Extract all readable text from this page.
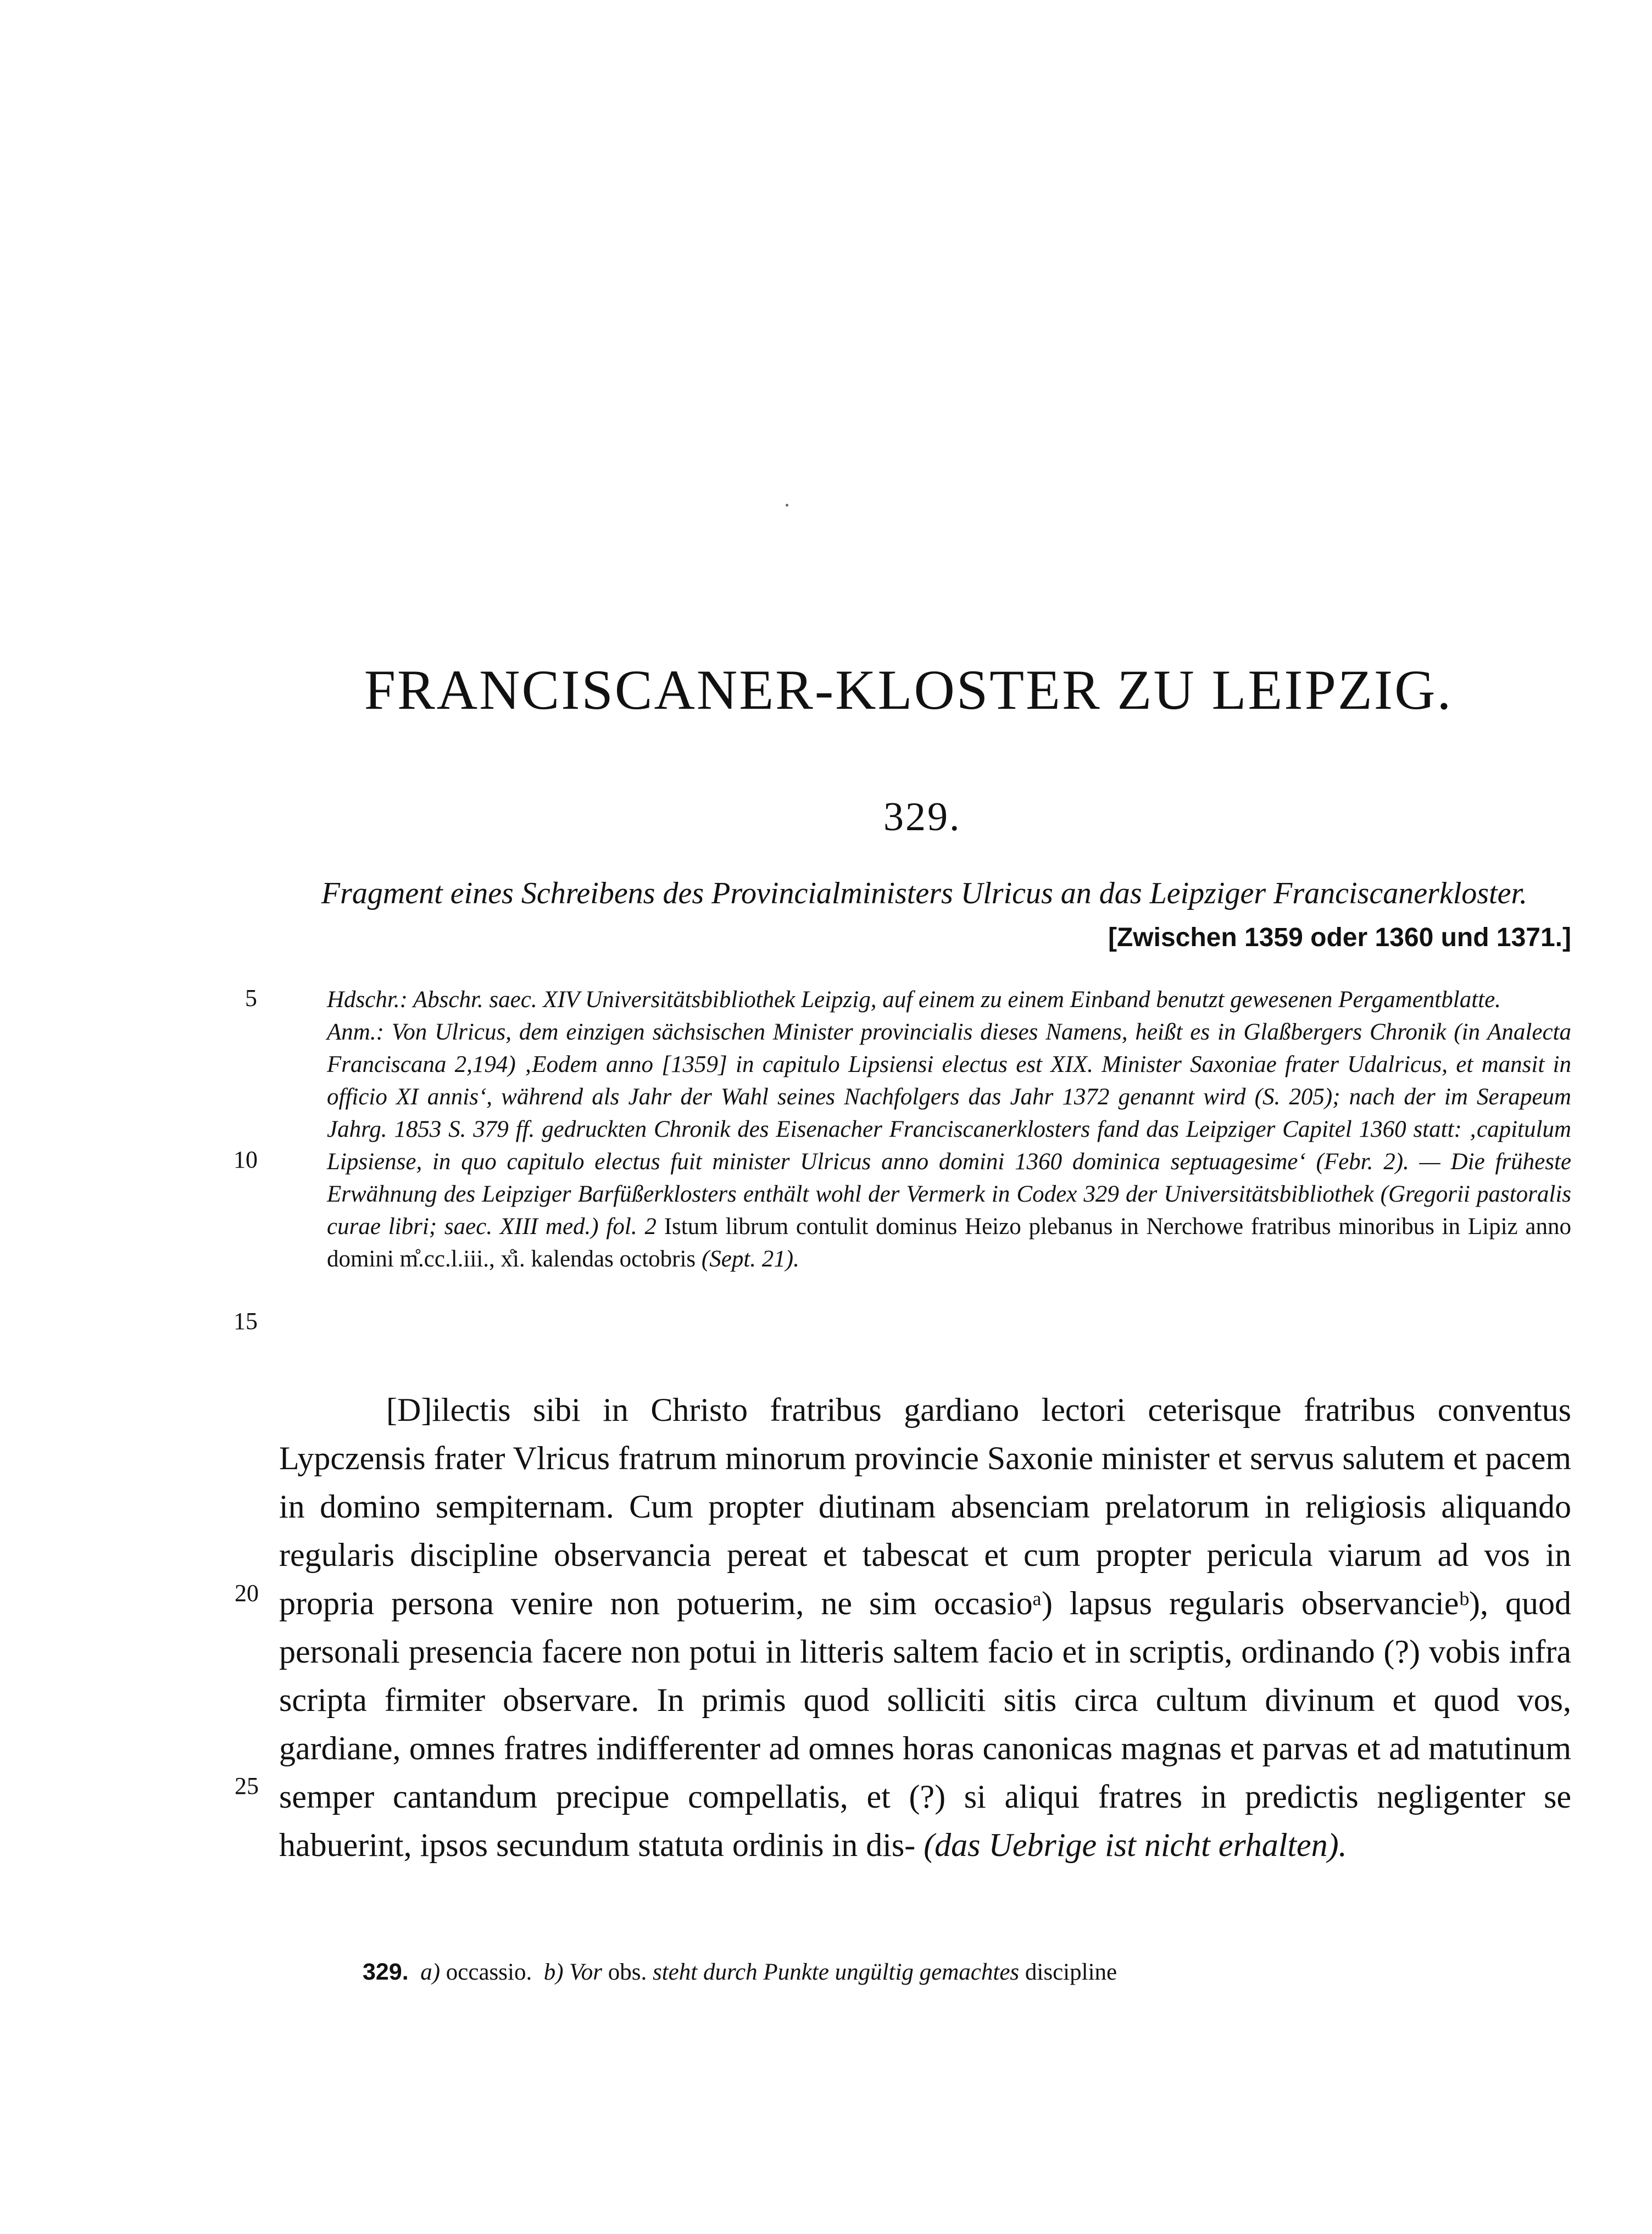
FRANCISCANER-KLOSTER ZU LEIPZIG.
329.
Fragment eines Schreibens des Provincialministers Ulricus an das Leipziger Franciscanerkloster.
[Zwischen 1359 oder 1360 und 1371.]
5
10
15
20
25

Hdschr.: Abschr. saec. XIV Universitätsbibliothek Leipzig, auf einem zu einem Einband benutzt gewesenen Pergamentblatte.

Anm.: Von Ulricus, dem einzigen sächsischen Minister provincialis dieses Namens, heißt es in Glaßbergers Chronik (in Analecta Franciscana 2,194) ‚Eodem anno [1359] in capitulo Lipsiensi electus est XIX. Minister Saxoniae frater Udalricus, et mansit in officio XI annis‘, während als Jahr der Wahl seines Nachfolgers das Jahr 1372 genannt wird (S. 205); nach der im Serapeum Jahrg. 1853 S. 379 ff. gedruckten Chronik des Eisenacher Franciscanerklosters fand das Leipziger Capitel 1360 statt: ‚capitulum Lipsiense, in quo capitulo electus fuit minister Ulricus anno domini 1360 dominica septuagesime‘ (Febr. 2). — Die früheste Erwähnung des Leipziger Barfüßerklosters enthält wohl der Vermerk in Codex 329 der Universitätsbibliothek (Gregorii pastoralis curae libri; saec. XIII med.) fol. 2 Istum librum contulit dominus Heizo plebanus in Nerchowe fratribus minoribus in Lipiz anno domini m̊.cc.l.iii., x̊i. kalendas octobris (Sept. 21).

[D]ilectis sibi in Christo fratribus gardiano lectori ceterisque fratribus conventus Lypczensis frater Vlricus fratrum minorum provincie Saxonie minister et servus salutem et pacem in domino sempiternam. Cum propter diutinam absenciam prelatorum in religiosis aliquando regularis discipline observancia pereat et tabescat et cum propter pericula viarum ad vos in propria persona venire non potuerim, ne sim occasioᵃ) lapsus regularis observancieᵇ), quod personali presencia facere non potui in litteris saltem facio et in scriptis, ordinando (?) vobis infra scripta firmiter observare. In primis quod solliciti sitis circa cultum divinum et quod vos, gardiane, omnes fratres indifferenter ad omnes horas canonicas magnas et parvas et ad matutinum semper cantandum precipue compellatis, et (?) si aliqui fratres in predictis negligenter se habuerint, ipsos secundum statuta ordinis in dis- (das Uebrige ist nicht erhalten).

329. a) occassio. b) Vor obs. steht durch Punkte ungültig gemachtes discipline
